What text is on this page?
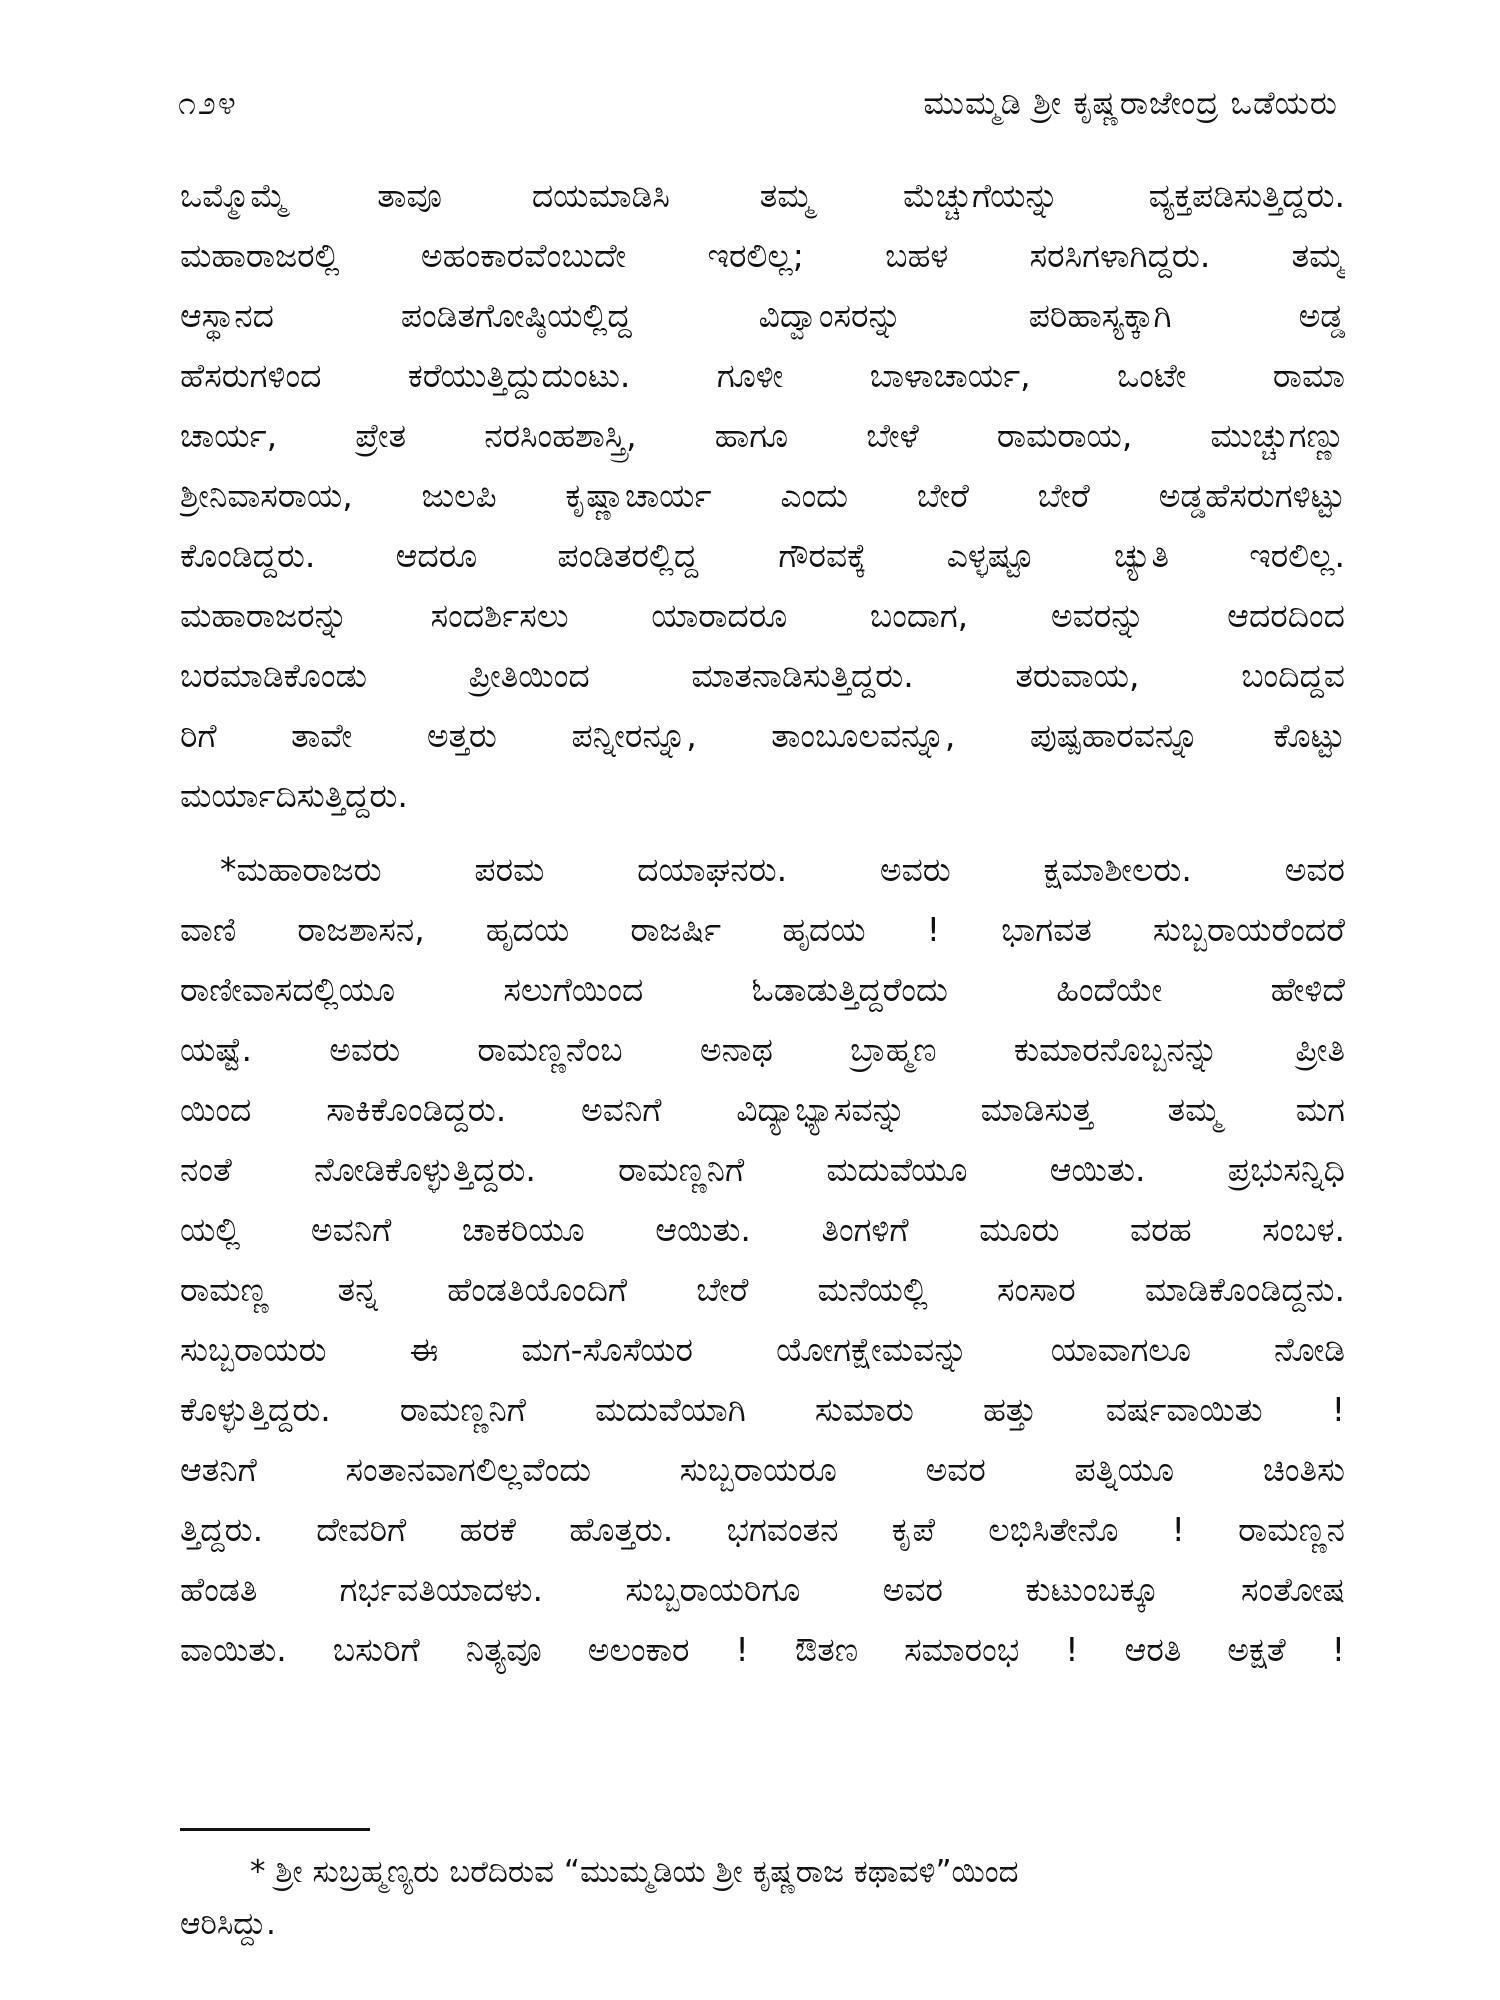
೧೨೪	ಮುಮ್ಮಡಿ ಶ್ರೀ ಕೃಷ್ಣರಾಜೇಂದ್ರ ಒಡೆಯರು
ಒಮ್ಮೊಮ್ಮೆ ತಾವೂ ದಯಮಾಡಿಸಿ ತಮ್ಮ ಮೆಚ್ಚುಗೆಯನ್ನು ವ್ಯಕ್ತಪಡಿಸುತ್ತಿದ್ದರು.
ಮಹಾರಾಜರಲ್ಲಿ ಅಹಂಕಾರವೆಂಬುದೇ ಇರಲಿಲ್ಲ; ಬಹಳ ಸರಸಿಗಳಾಗಿದ್ದರು. ತಮ್ಮ
ಆಸ್ಥಾನದ ಪಂಡಿತಗೋಷ್ಠಿಯಲ್ಲಿದ್ದ ವಿದ್ವಾಂಸರನ್ನು ಪರಿಹಾಸ್ಯಕ್ಕಾಗಿ ಅಡ್ಡ
ಹೆಸರುಗಳಿಂದ ಕರೆಯುತ್ತಿದ್ದುದುಂಟು. ಗೂಳೀ ಬಾಳಾಚಾರ್ಯ, ಒಂಟೇ ರಾಮಾ
ಚಾರ್ಯ, ಪ್ರೇತ ನರಸಿಂಹಶಾಸ್ತ್ರಿ, ಹಾಗೂ ಬೇಳೆ ರಾಮರಾಯ, ಮುಚ್ಚುಗಣ್ಣು
ಶ್ರೀನಿವಾಸರಾಯ, ಜುಲಪಿ ಕೃಷ್ಣಾಚಾರ್ಯ ಎಂದು ಬೇರೆ ಬೇರೆ ಅಡ್ಡಹೆಸರುಗಳಿಟ್ಟು
ಕೊಂಡಿದ್ದರು. ಆದರೂ ಪಂಡಿತರಲ್ಲಿದ್ದ ಗೌರವಕ್ಕೆ ಎಳ್ಳಷ್ಟೂ ಚ್ಯುತಿ ಇರಲಿಲ್ಲ.
ಮಹಾರಾಜರನ್ನು ಸಂದರ್ಶಿಸಲು ಯಾರಾದರೂ ಬಂದಾಗ, ಅವರನ್ನು ಆದರದಿಂದ
ಬರಮಾಡಿಕೊಂಡು ಪ್ರೀತಿಯಿಂದ ಮಾತನಾಡಿಸುತ್ತಿದ್ದರು. ತರುವಾಯ, ಬಂದಿದ್ದವ
ರಿಗೆ ತಾವೇ ಅತ್ತರು ಪನ್ನೀರನ್ನೂ, ತಾಂಬೂಲವನ್ನೂ, ಪುಷ್ಪಹಾರವನ್ನೂ ಕೊಟ್ಟು
ಮರ್ಯಾದಿಸುತ್ತಿದ್ದರು.
*ಮಹಾರಾಜರು ಪರಮ ದಯಾಘನರು. ಅವರು ಕ್ಷಮಾಶೀಲರು. ಅವರ
ವಾಣಿ ರಾಜಶಾಸನ, ಹೃದಯ ರಾಜರ್ಷಿ ಹೃದಯ ! ಭಾಗವತ ಸುಬ್ಬರಾಯರೆಂದರೆ
ರಾಣೀವಾಸದಲ್ಲಿಯೂ ಸಲುಗೆಯಿಂದ ಓಡಾಡುತ್ತಿದ್ದರೆಂದು ಹಿಂದೆಯೇ ಹೇಳಿದೆ
ಯಷ್ಟೆ. ಅವರು ರಾಮಣ್ಣನೆಂಬ ಅನಾಥ ಬ್ರಾಹ್ಮಣ ಕುಮಾರನೊಬ್ಬನನ್ನು ಪ್ರೀತಿ
ಯಿಂದ ಸಾಕಿಕೊಂಡಿದ್ದರು. ಅವನಿಗೆ ವಿದ್ಯಾಭ್ಯಾಸವನ್ನು ಮಾಡಿಸುತ್ತ ತಮ್ಮ ಮಗ
ನಂತೆ ನೋಡಿಕೊಳ್ಳುತ್ತಿದ್ದರು. ರಾಮಣ್ಣನಿಗೆ ಮದುವೆಯೂ ಆಯಿತು. ಪ್ರಭುಸನ್ನಿಧಿ
ಯಲ್ಲಿ ಅವನಿಗೆ ಚಾಕರಿಯೂ ಆಯಿತು. ತಿಂಗಳಿಗೆ ಮೂರು ವರಹ ಸಂಬಳ.
ರಾಮಣ್ಣ ತನ್ನ ಹೆಂಡತಿಯೊಂದಿಗೆ ಬೇರೆ ಮನೆಯಲ್ಲಿ ಸಂಸಾರ ಮಾಡಿಕೊಂಡಿದ್ದನು.
ಸುಬ್ಬರಾಯರು ಈ ಮಗ-ಸೊಸೆಯರ ಯೋಗಕ್ಷೇಮವನ್ನು ಯಾವಾಗಲೂ ನೋಡಿ
ಕೊಳ್ಳುತ್ತಿದ್ದರು. ರಾಮಣ್ಣನಿಗೆ ಮದುವೆಯಾಗಿ ಸುಮಾರು ಹತ್ತು ವರ್ಷವಾಯಿತು !
ಆತನಿಗೆ ಸಂತಾನವಾಗಲಿಲ್ಲವೆಂದು ಸುಬ್ಬರಾಯರೂ ಅವರ ಪತ್ನಿಯೂ ಚಿಂತಿಸು
ತ್ತಿದ್ದರು. ದೇವರಿಗೆ ಹರಕೆ ಹೊತ್ತರು. ಭಗವಂತನ ಕೃಪೆ ಲಭಿಸಿತೇನೊ ! ರಾಮಣ್ಣನ
ಹೆಂಡತಿ ಗರ್ಭವತಿಯಾದಳು. ಸುಬ್ಬರಾಯರಿಗೂ ಅವರ ಕುಟುಂಬಕ್ಕೂ ಸಂತೋಷ
ವಾಯಿತು. ಬಸುರಿಗೆ ನಿತ್ಯವೂ ಅಲಂಕಾರ ! ಔತಣ ಸಮಾರಂಭ ! ಆರತಿ ಅಕ್ಷತೆ !
* ಶ್ರೀ ಸುಬ್ರಹ್ಮಣ್ಯರು ಬರೆದಿರುವ “ಮುಮ್ಮಡಿಯ ಶ್ರೀ ಕೃಷ್ಣರಾಜ ಕಥಾವಳಿ”ಯಿಂದ
ಆರಿಸಿದ್ದು.
